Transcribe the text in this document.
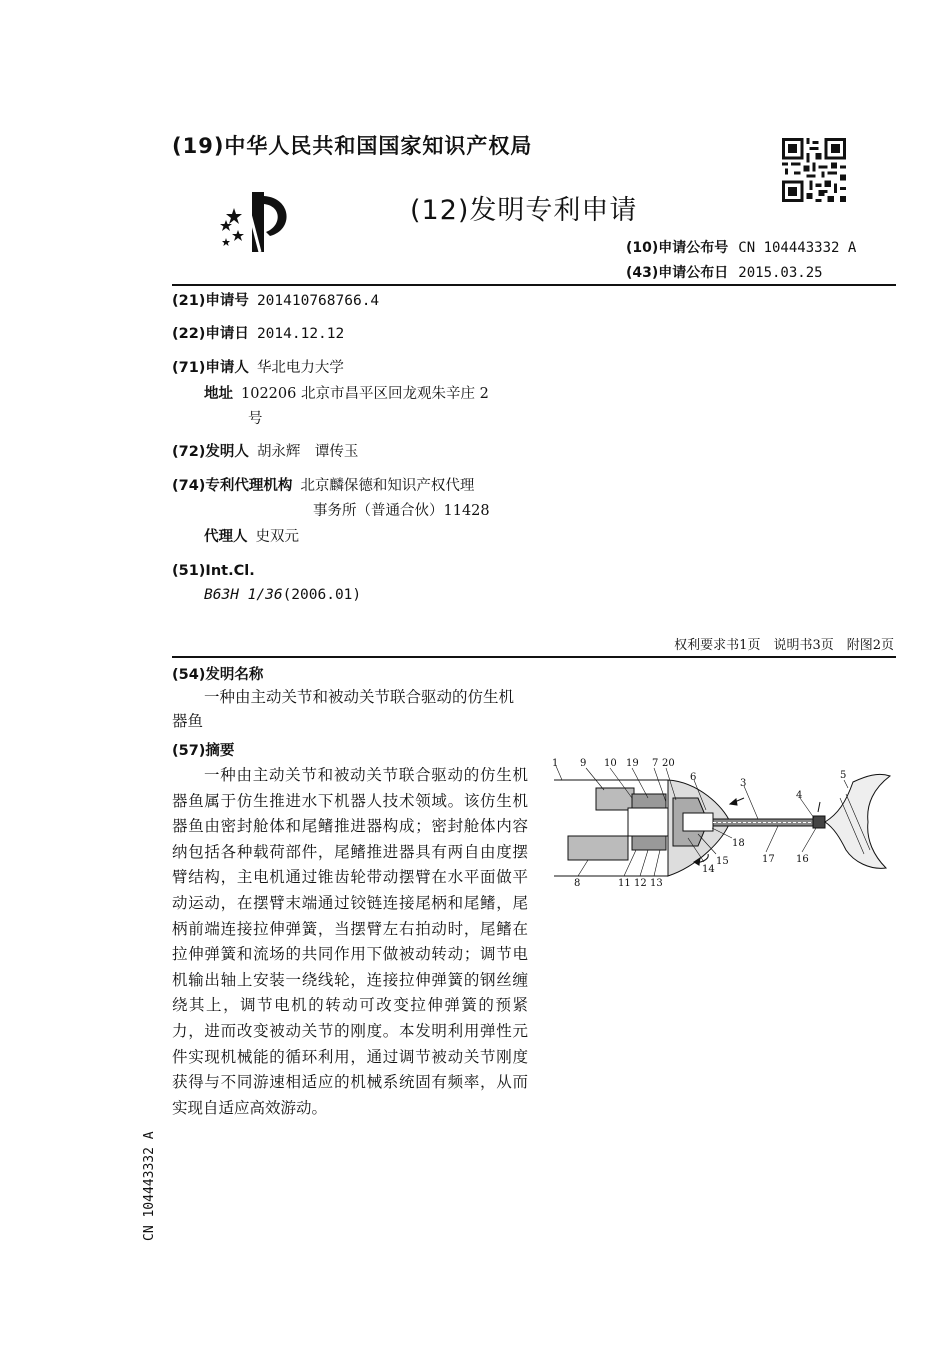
(19)中华人民共和国国家知识产权局
(12)发明专利申请
(10)申请公布号 CN 104443332 A
(43)申请公布日 2015.03.25
(21)申请号 201410768766.4
(22)申请日 2014.12.12
(71)申请人 华北电力大学
地址 102206 北京市昌平区回龙观朱辛庄 2
号
(72)发明人 胡永辉　谭传玉
(74)专利代理机构 北京麟保德和知识产权代理
事务所（普通合伙）11428
代理人 史双元
(51)Int.Cl.
B63H 1/36(2006.01)
权利要求书1页　说明书3页　附图2页
(54)发明名称
一种由主动关节和被动关节联合驱动的仿生机器鱼
(57)摘要
一种由主动关节和被动关节联合驱动的仿生机器鱼属于仿生推进水下机器人技术领域。该仿生机器鱼由密封舱体和尾鳍推进器构成；密封舱体内容纳包括各种载荷部件，尾鳍推进器具有两自由度摆臂结构，主电机通过锥齿轮带动摆臂在水平面做平动运动，在摆臂末端通过铰链连接尾柄和尾鳍，尾柄前端连接拉伸弹簧，当摆臂左右拍动时，尾鳍在拉伸弹簧和流场的共同作用下做被动转动；调节电机输出轴上安装一绕线轮，连接拉伸弹簧的钢丝缠绕其上，调节电机的转动可改变拉伸弹簧的预紧力，进而改变被动关节的刚度。本发明利用弹性元件实现机械能的循环利用，通过调节被动关节刚度获得与不同游速相适应的机械系统固有频率，从而实现自适应高效游动。
1 9 10 19 7 20
6
3
4
5
18
15
14
13
12
11
8
17 16
CN 104443332 A
